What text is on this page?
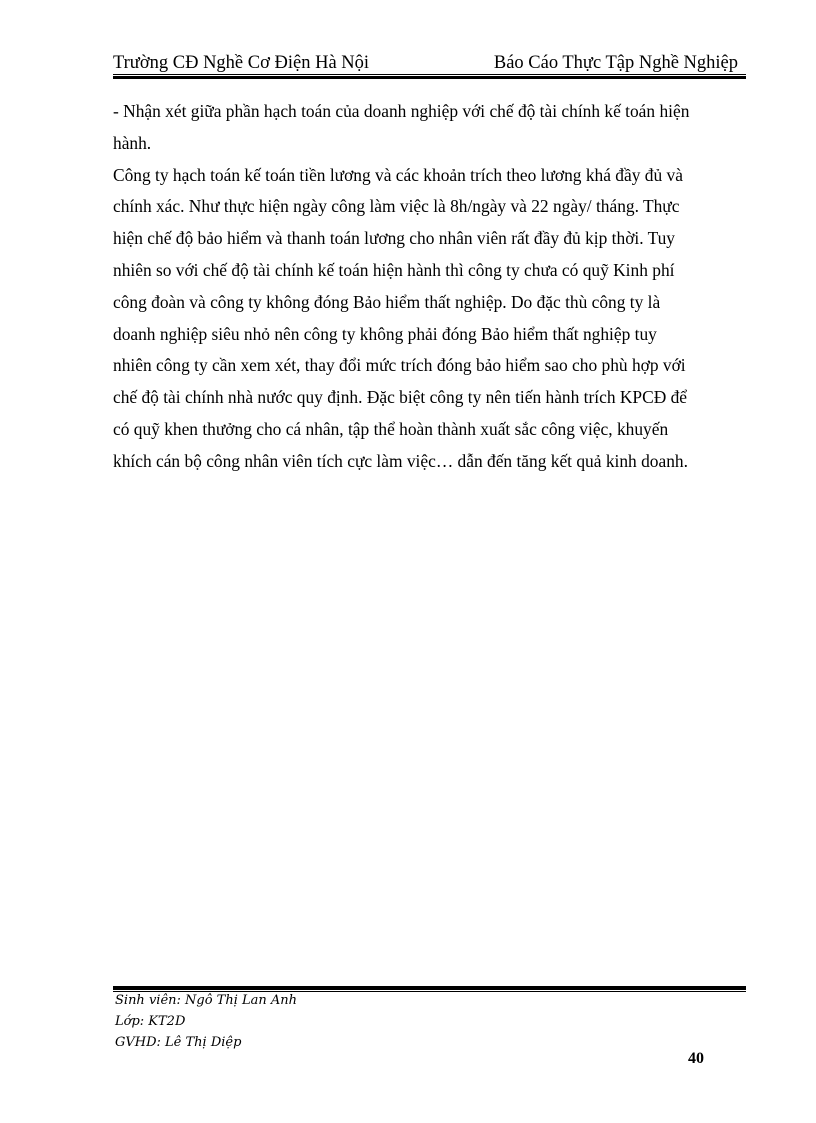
Trường CĐ Nghề Cơ Điện Hà Nội	Báo Cáo Thực Tập Nghề Nghiệp

- Nhận xét giữa phần hạch toán của doanh nghiệp với chế độ tài chính kế toán hiện
hành.

Công ty hạch toán kế toán tiền lương và các khoản trích theo lương khá đầy đủ và
chính xác. Như thực hiện ngày công làm việc là 8h/ngày và 22 ngày/ tháng. Thực
hiện chế độ bảo hiểm và thanh toán lương cho nhân viên rất đầy đủ kịp thời. Tuy
nhiên so với chế độ tài chính kế toán hiện hành thì công ty chưa có quỹ Kinh phí
công đoàn và công ty không đóng Bảo hiểm thất nghiệp. Do đặc thù công ty là
doanh nghiệp siêu nhỏ nên công ty không phải đóng Bảo hiểm thất nghiệp tuy
nhiên công ty cần xem xét, thay đổi mức trích đóng bảo hiểm sao cho phù hợp với
chế độ tài chính nhà nước quy định. Đặc biệt công ty nên tiến hành trích KPCĐ để
có quỹ khen thưởng cho cá nhân, tập thể hoàn thành xuất sắc công việc, khuyến
khích cán bộ công nhân viên tích cực làm việc… dẫn đến tăng kết quả kinh doanh.

Sinh viên: Ngô Thị Lan Anh
Lớp: KT2D
GVHD: Lê Thị Diệp
40
